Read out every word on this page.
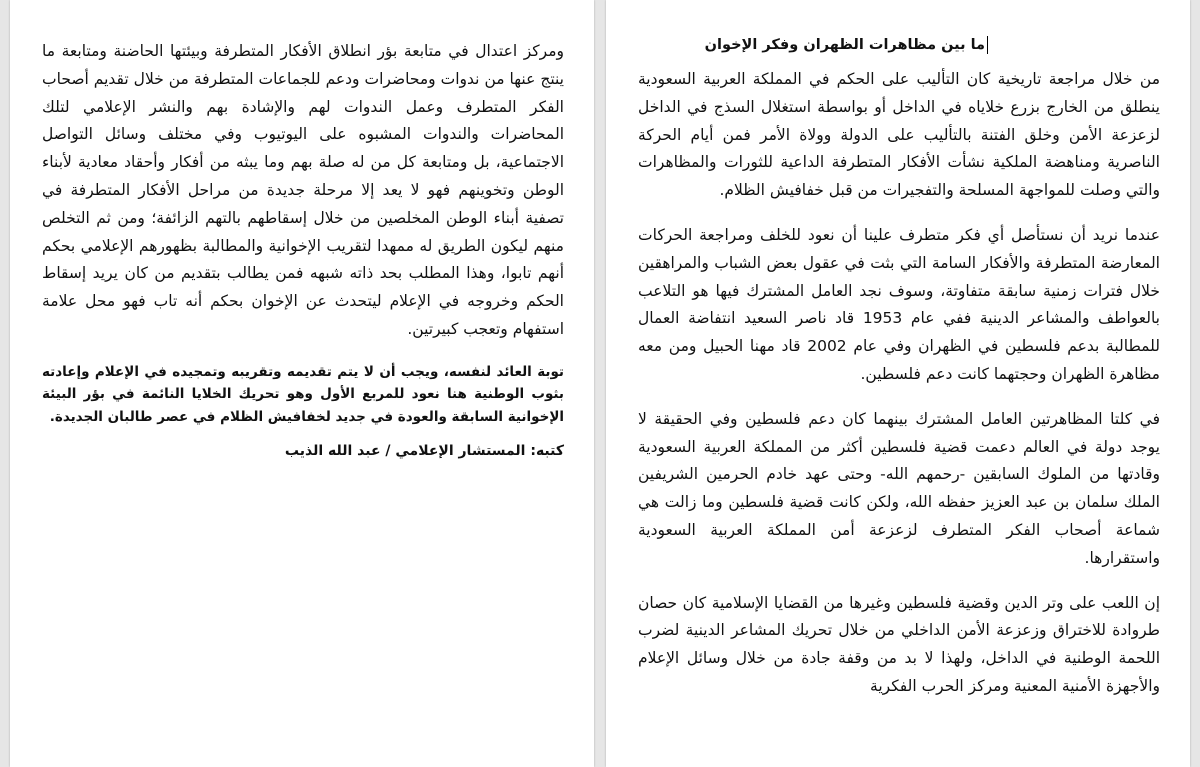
ما بين مظاهرات الظهران وفكر الإخوان

من خلال مراجعة تاريخية كان التأليب على الحكم في المملكة العربية السعودية ينطلق من الخارج بزرع خلاياه في الداخل أو بواسطة استغلال السذج في الداخل لزعزعة الأمن وخلق الفتنة بالتأليب على الدولة وولاة الأمر فمن أيام الحركة الناصرية ومناهضة الملكية نشأت الأفكار المتطرفة الداعية للثورات والمظاهرات والتي وصلت للمواجهة المسلحة والتفجيرات من قبل خفافيش الظلام.

عندما نريد أن نستأصل أي فكر متطرف علينا أن نعود للخلف ومراجعة الحركات المعارضة المتطرفة والأفكار السامة التي بثت في عقول بعض الشباب والمراهقين خلال فترات زمنية سابقة متفاوتة، وسوف نجد العامل المشترك فيها هو التلاعب بالعواطف والمشاعر الدينية ففي عام 1953 قاد ناصر السعيد انتفاضة العمال للمطالبة بدعم فلسطين في الظهران وفي عام 2002 قاد مهنا الحبيل ومن معه مظاهرة الظهران وحجتهما كانت دعم فلسطين.

في كلتا المظاهرتين العامل المشترك بينهما كان دعم فلسطين وفي الحقيقة لا يوجد دولة في العالم دعمت قضية فلسطين أكثر من المملكة العربية السعودية وقادتها من الملوك السابقين -رحمهم الله- وحتى عهد خادم الحرمين الشريفين الملك سلمان بن عبد العزيز حفظه الله، ولكن كانت قضية فلسطين وما زالت هي شماعة أصحاب الفكر المتطرف لزعزعة أمن المملكة العربية السعودية واستقرارها.

إن اللعب على وتر الدين وقضية فلسطين وغيرها من القضايا الإسلامية كان حصان طروادة للاختراق وزعزعة الأمن الداخلي من خلال تحريك المشاعر الدينية لضرب اللحمة الوطنية في الداخل، ولهذا لا بد من وقفة جادة من خلال وسائل الإعلام والأجهزة الأمنية المعنية ومركز الحرب الفكرية

ومركز اعتدال في متابعة بؤر انطلاق الأفكار المتطرفة وبيئتها الحاضنة ومتابعة ما ينتج عنها من ندوات ومحاضرات ودعم للجماعات المتطرفة من خلال تقديم أصحاب الفكر المتطرف وعمل الندوات لهم والإشادة بهم والنشر الإعلامي لتلك المحاضرات والندوات المشبوه على اليوتيوب وفي مختلف وسائل التواصل الاجتماعية، بل ومتابعة كل من له صلة بهم وما يبثه من أفكار وأحقاد معادية لأبناء الوطن وتخوينهم فهو لا يعد إلا مرحلة جديدة من مراحل الأفكار المتطرفة في تصفية أبناء الوطن المخلصين من خلال إسقاطهم بالتهم الزائفة؛ ومن ثم التخلص منهم ليكون الطريق له ممهدا لتقريب الإخوانية والمطالبة بظهورهم الإعلامي بحكم أنهم تابوا، وهذا المطلب بحد ذاته شبهه فمن يطالب بتقديم من كان يريد إسقاط الحكم وخروجه في الإعلام ليتحدث عن الإخوان بحكم أنه تاب فهو محل علامة استفهام وتعجب كبيرتين.

توبة العائد لنفسه، ويجب أن لا يتم تقديمه وتقريبه وتمجيده في الإعلام وإعادته بثوب الوطنية هنا نعود للمربع الأول وهو تحريك الخلايا النائمة في بؤر البيئة الإخوانية السابقة والعودة في جديد لخفافيش الظلام في عصر طالبان الجديدة.
كتبه: المستشار الإعلامي / عبد الله الذيب
